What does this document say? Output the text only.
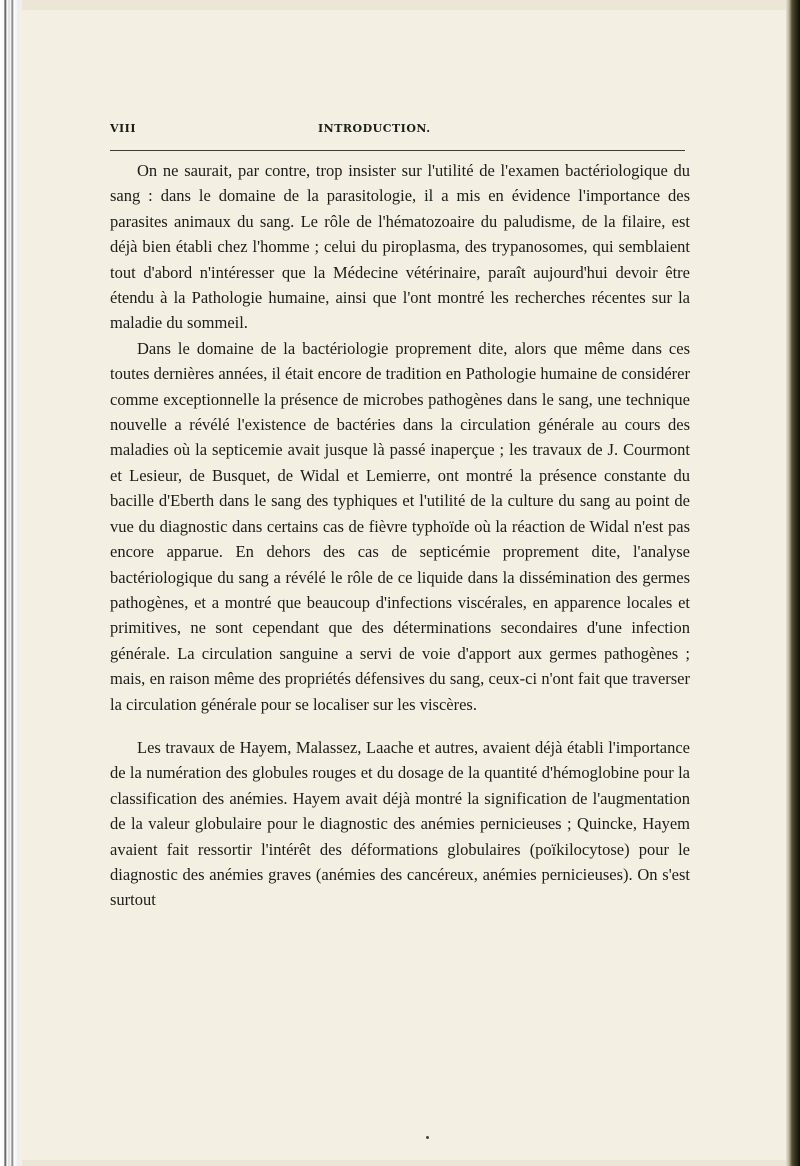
VIII	INTRODUCTION.

On ne saurait, par contre, trop insister sur l'utilité de l'examen bactériologique du sang : dans le domaine de la parasitologie, il a mis en évidence l'importance des parasites animaux du sang. Le rôle de l'hématozoaire du paludisme, de la filaire, est déjà bien établi chez l'homme ; celui du piroplasma, des trypanosomes, qui semblaient tout d'abord n'intéresser que la Médecine vétérinaire, paraît aujourd'hui devoir être étendu à la Pathologie humaine, ainsi que l'ont montré les recherches récentes sur la maladie du sommeil.

Dans le domaine de la bactériologie proprement dite, alors que même dans ces toutes dernières années, il était encore de tradition en Pathologie humaine de considérer comme exceptionnelle la présence de microbes pathogènes dans le sang, une technique nouvelle a révélé l'existence de bactéries dans la circulation générale au cours des maladies où la septicemie avait jusque là passé inaperçue ; les travaux de J. Courmont et Lesieur, de Busquet, de Widal et Lemierre, ont montré la présence constante du bacille d'Eberth dans le sang des typhiques et l'utilité de la culture du sang au point de vue du diagnostic dans certains cas de fièvre typhoïde où la réaction de Widal n'est pas encore apparue. En dehors des cas de septicémie proprement dite, l'analyse bactériologique du sang a révélé le rôle de ce liquide dans la dissémination des germes pathogènes, et a montré que beaucoup d'infections viscérales, en apparence locales et primitives, ne sont cependant que des déterminations secondaires d'une infection générale. La circulation sanguine a servi de voie d'apport aux germes pathogènes ; mais, en raison même des propriétés défensives du sang, ceux-ci n'ont fait que traverser la circulation générale pour se localiser sur les viscères.

Les travaux de Hayem, Malassez, Laache et autres, avaient déjà établi l'importance de la numération des globules rouges et du dosage de la quantité d'hémoglobine pour la classification des anémies. Hayem avait déjà montré la signification de l'augmentation de la valeur globulaire pour le diagnostic des anémies pernicieuses ; Quincke, Hayem avaient fait ressortir l'intérêt des déformations globulaires (poïkilocytose) pour le diagnostic des anémies graves (anémies des cancéreux, anémies pernicieuses). On s'est surtout
